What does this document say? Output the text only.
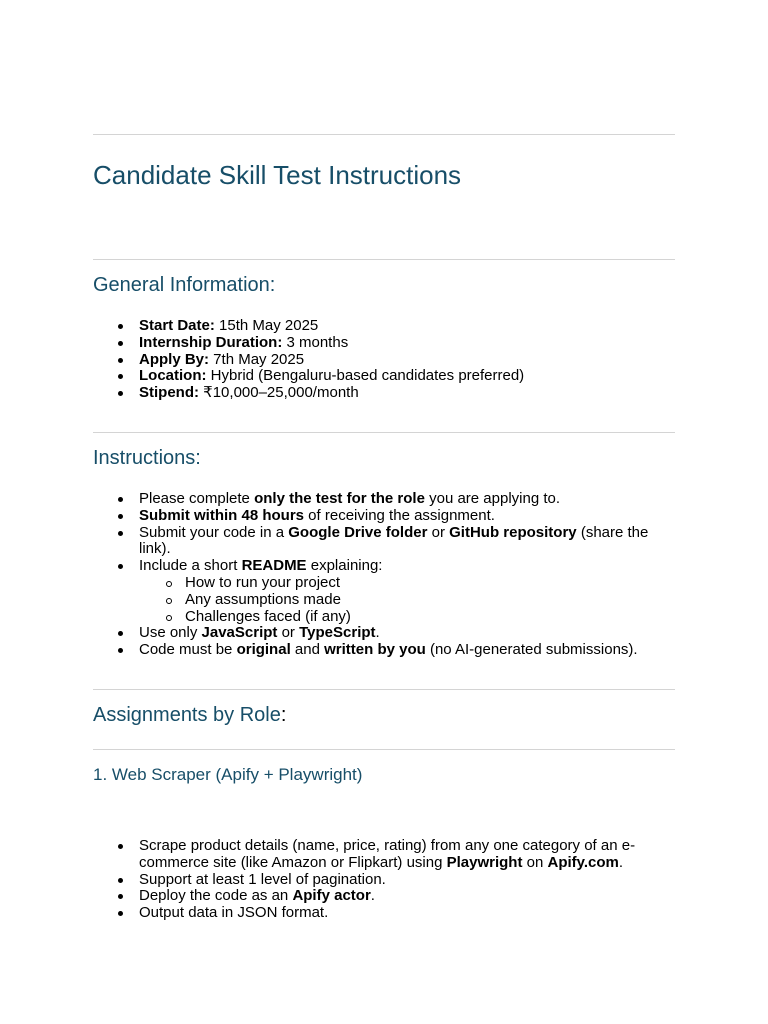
Candidate Skill Test Instructions
General Information:
Start Date: 15th May 2025
Internship Duration: 3 months
Apply By: 7th May 2025
Location: Hybrid (Bengaluru-based candidates preferred)
Stipend: ₹10,000–25,000/month
Instructions:
Please complete only the test for the role you are applying to.
Submit within 48 hours of receiving the assignment.
Submit your code in a Google Drive folder or GitHub repository (share the link).
Include a short README explaining:
How to run your project
Any assumptions made
Challenges faced (if any)
Use only JavaScript or TypeScript.
Code must be original and written by you (no AI-generated submissions).
Assignments by Role:
1. Web Scraper (Apify + Playwright)
Scrape product details (name, price, rating) from any one category of an e-commerce site (like Amazon or Flipkart) using Playwright on Apify.com.
Support at least 1 level of pagination.
Deploy the code as an Apify actor.
Output data in JSON format.
